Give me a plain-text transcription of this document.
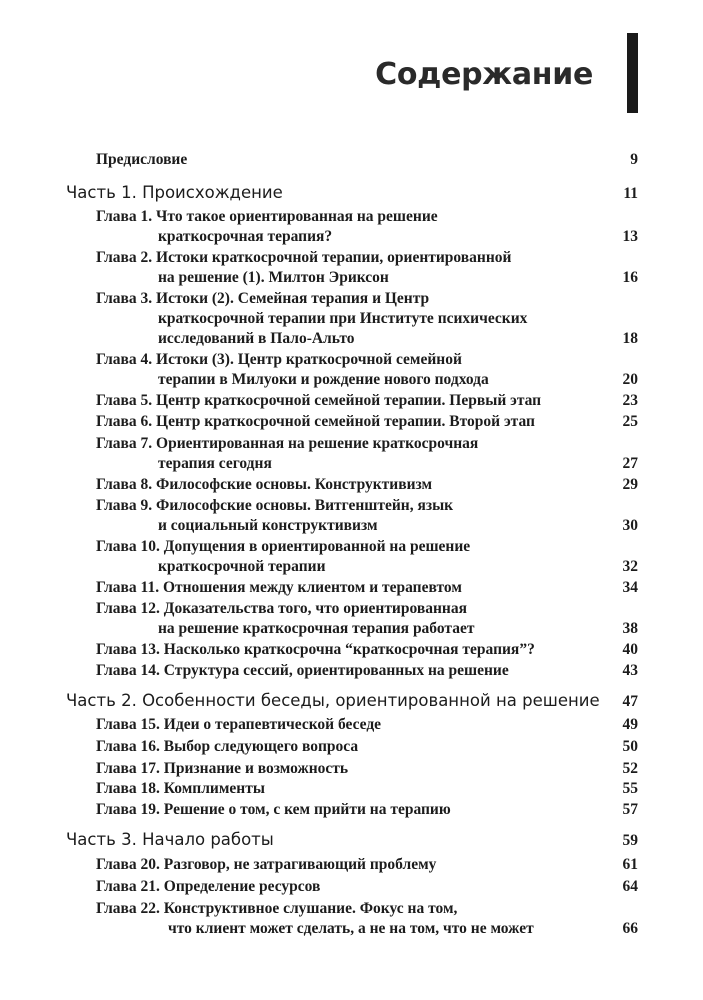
Содержание
Предисловие	9
Часть 1. Происхождение	11
Глава 1. Что такое ориентированная на решение
краткосрочная терапия?	13
Глава 2. Истоки краткосрочной терапии, ориентированной
на решение (1). Милтон Эриксон	16
Глава 3. Истоки (2). Семейная терапия и Центр
краткосрочной терапии при Институте психических
исследований в Пало-Альто	18
Глава 4. Истоки (3). Центр краткосрочной семейной
терапии в Милуоки и рождение нового подхода	20
Глава 5. Центр краткосрочной семейной терапии. Первый этап	23
Глава 6. Центр краткосрочной семейной терапии. Второй этап	25
Глава 7. Ориентированная на решение краткосрочная
терапия сегодня	27
Глава 8. Философские основы. Конструктивизм	29
Глава 9. Философские основы. Витгенштейн, язык
и социальный конструктивизм	30
Глава 10. Допущения в ориентированной на решение
краткосрочной терапии	32
Глава 11. Отношения между клиентом и терапевтом	34
Глава 12. Доказательства того, что ориентированная
на решение краткосрочная терапия работает	38
Глава 13. Насколько краткосрочна “краткосрочная терапия”?	40
Глава 14. Структура сессий, ориентированных на решение	43
Часть 2. Особенности беседы, ориентированной на решение	47
Глава 15. Идеи о терапевтической беседе	49
Глава 16. Выбор следующего вопроса	50
Глава 17. Признание и возможность	52
Глава 18. Комплименты	55
Глава 19. Решение о том, с кем прийти на терапию	57
Часть 3. Начало работы	59
Глава 20. Разговор, не затрагивающий проблему	61
Глава 21. Определение ресурсов	64
Глава 22. Конструктивное слушание. Фокус на том,
что клиент может сделать, а не на том, что не может	66
